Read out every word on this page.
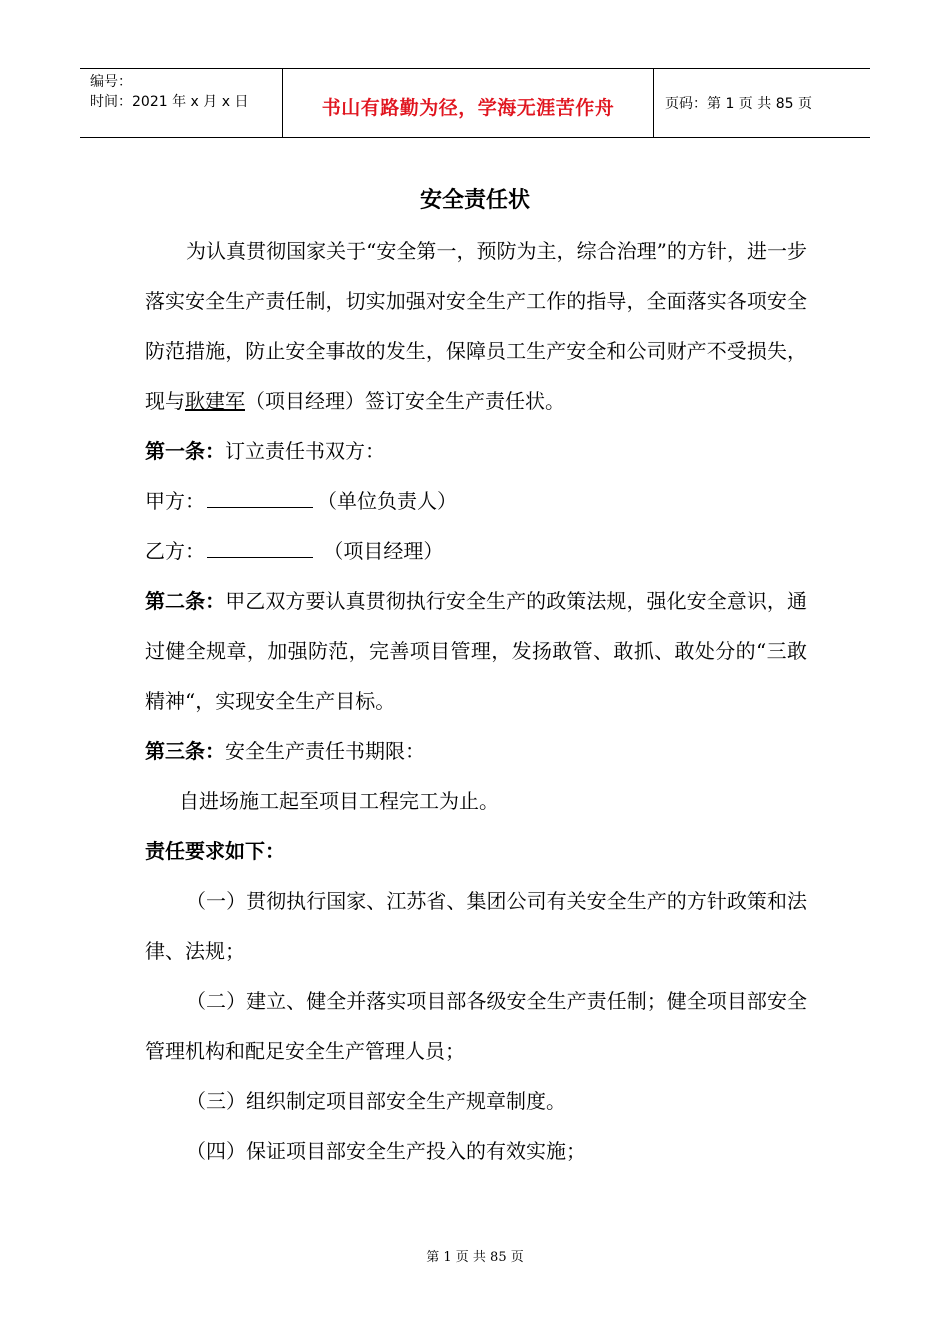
编号：
时间：2021 年 x 月 x 日	书山有路勤为径，学海无涯苦作舟	页码：第 1 页 共 85 页
安全责任状

为认真贯彻国家关于“安全第一，预防为主，综合治理”的方针，进一步落实安全生产责任制，切实加强对安全生产工作的指导，全面落实各项安全防范措施，防止安全事故的发生，保障员工生产安全和公司财产不受损失，现与耿建军（项目经理）签订安全生产责任状。

第一条：订立责任书双方：

甲方：	（单位负责人）

乙方：	（项目经理）

第二条：甲乙双方要认真贯彻执行安全生产的政策法规，强化安全意识，通过健全规章，加强防范，完善项目管理，发扬敢管、敢抓、敢处分的“三敢精神“，实现安全生产目标。

第三条：安全生产责任书期限：

自进场施工起至项目工程完工为止。

责任要求如下：

（一）贯彻执行国家、江苏省、集团公司有关安全生产的方针政策和法律、法规；

（二）建立、健全并落实项目部各级安全生产责任制；健全项目部安全管理机构和配足安全生产管理人员；

（三）组织制定项目部安全生产规章制度。

（四）保证项目部安全生产投入的有效实施；

第 1 页 共 85 页
